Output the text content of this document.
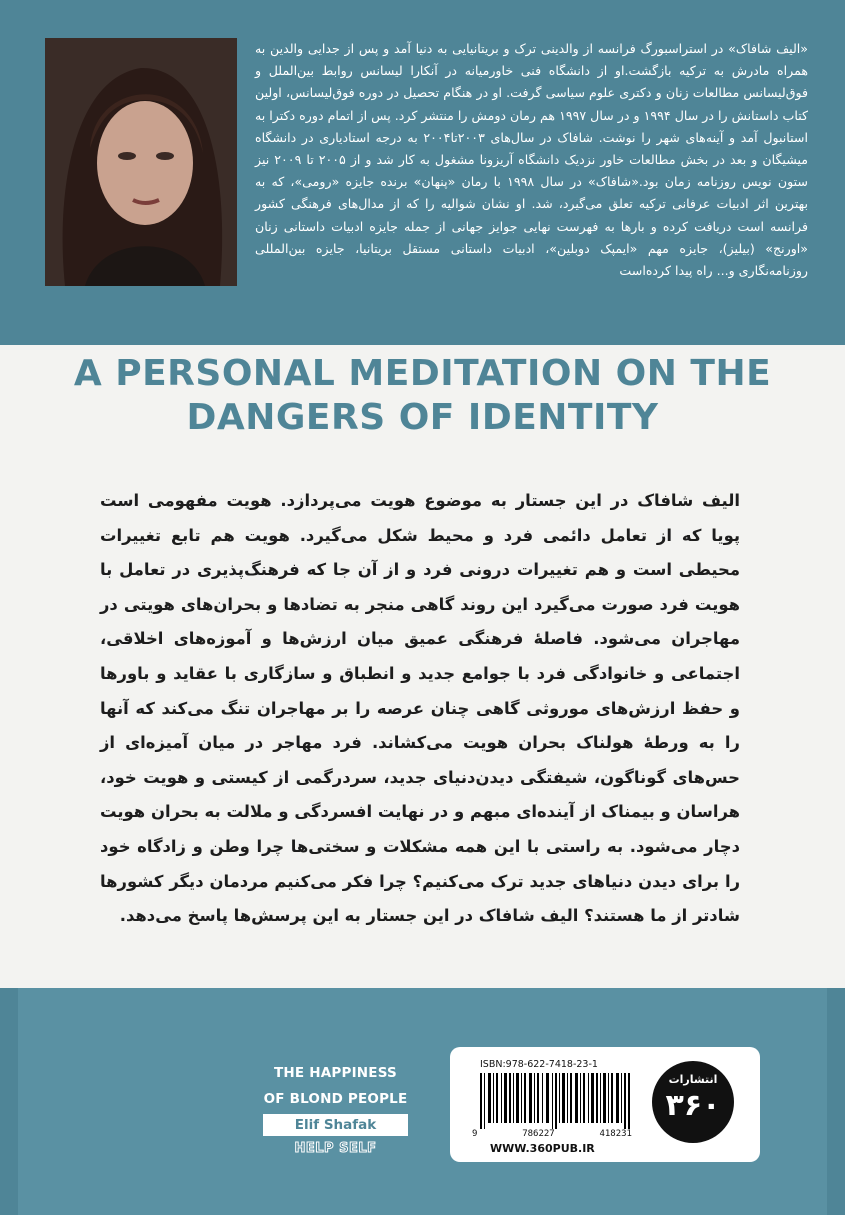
«الیف شافاک» در استراسبورگ فرانسه از والدینی ترک و بریتانیایی به دنیا آمد و پس از جدایی والدین به همراه مادرش به ترکیه بازگشت.او از دانشگاه فنی خاورمیانه در آنکارا لیسانس روابط بین‌الملل و فوق‌لیسانس مطالعات زنان و دکتری علوم سیاسی گرفت. او در هنگام تحصیل در دوره فوق‌لیسانس، اولین کتاب داستانش را در سال ۱۹۹۴ و در سال ۱۹۹۷ هم رمان دومش را منتشر کرد. پس از اتمام دوره دکترا به استانبول آمد و آینه‌های شهر را نوشت. شافاک در سال‌های ۲۰۰۳تا۲۰۰۴ به درجه استادیاری در دانشگاه میشیگان و بعد در بخش مطالعات خاور نزدیک دانشگاه آریزونا مشغول به کار شد و از ۲۰۰۵ تا ۲۰۰۹ نیز ستون نویس روزنامه زمان بود.«شافاک» در سال ۱۹۹۸ با رمان «پنهان» برنده جایزه «رومی»، که به بهترین اثر ادبیات عرفانی ترکیه تعلق می‌گیرد، شد. او نشان شوالیه را که از مدال‌های فرهنگی کشور فرانسه است دریافت کرده و بارها به فهرست نهایی جوایز جهانی از جمله جایزه ادبیات داستانی زنان «اورنج» (بیلیز)، جایزه مهم «ایمپک دوبلین»، ادبیات داستانی مستقل بریتانیا، جایزه بین‌المللی روزنامه‌نگاری و... راه پیدا کرده‌است
A PERSONAL MEDITATION ON THE
DANGERS OF IDENTITY
الیف شافاک در این جستار به موضوع هویت می‌پردازد. هویت مفهومی است پویا که از تعامل دائمی فرد و محیط شکل می‌گیرد. هویت هم تابع تغییرات محیطی است و هم تغییرات درونی فرد و از آن جا که فرهنگ‌پذیری در تعامل با هویت فرد صورت می‌گیرد این روند گاهی منجر به تضادها و بحران‌های هویتی در مهاجران می‌شود. فاصلۀ فرهنگی عمیق میان ارزش‌ها و آموزه‌های اخلاقی، اجتماعی و خانوادگی فرد با جوامع جدید و انطباق و سازگاری با عقاید و باورها و حفظ ارزش‌های موروثی گاهی چنان عرصه را بر مهاجران تنگ می‌کند که آنها را به ورطۀ هولناک بحران هویت می‌کشاند. فرد مهاجر در میان آمیزه‌ای از حس‌های گوناگون، شیفتگی دیدن‌دنیای جدید، سردرگمی از کیستی و هویت خود، هراسان و بیمناک از آینده‌ای مبهم و در نهایت افسردگی و ملالت به بحران هویت دچار می‌شود. به راستی با این همه مشکلات و سختی‌ها چرا وطن و زادگاه خود را برای دیدن دنیاهای جدید ترک می‌کنیم؟ چرا فکر می‌کنیم مردمان دیگر کشورها شادتر از ما هستند؟ الیف شافاک در این جستار به این پرسش‌ها پاسخ می‌دهد.
THE HAPPINESS
OF BLOND PEOPLE
Elif Shafak
HELP SELF
ISBN:978-622-7418-23-1
9	786227	418231
WWW.360PUB.IR
انتشارات
۳۶۰
